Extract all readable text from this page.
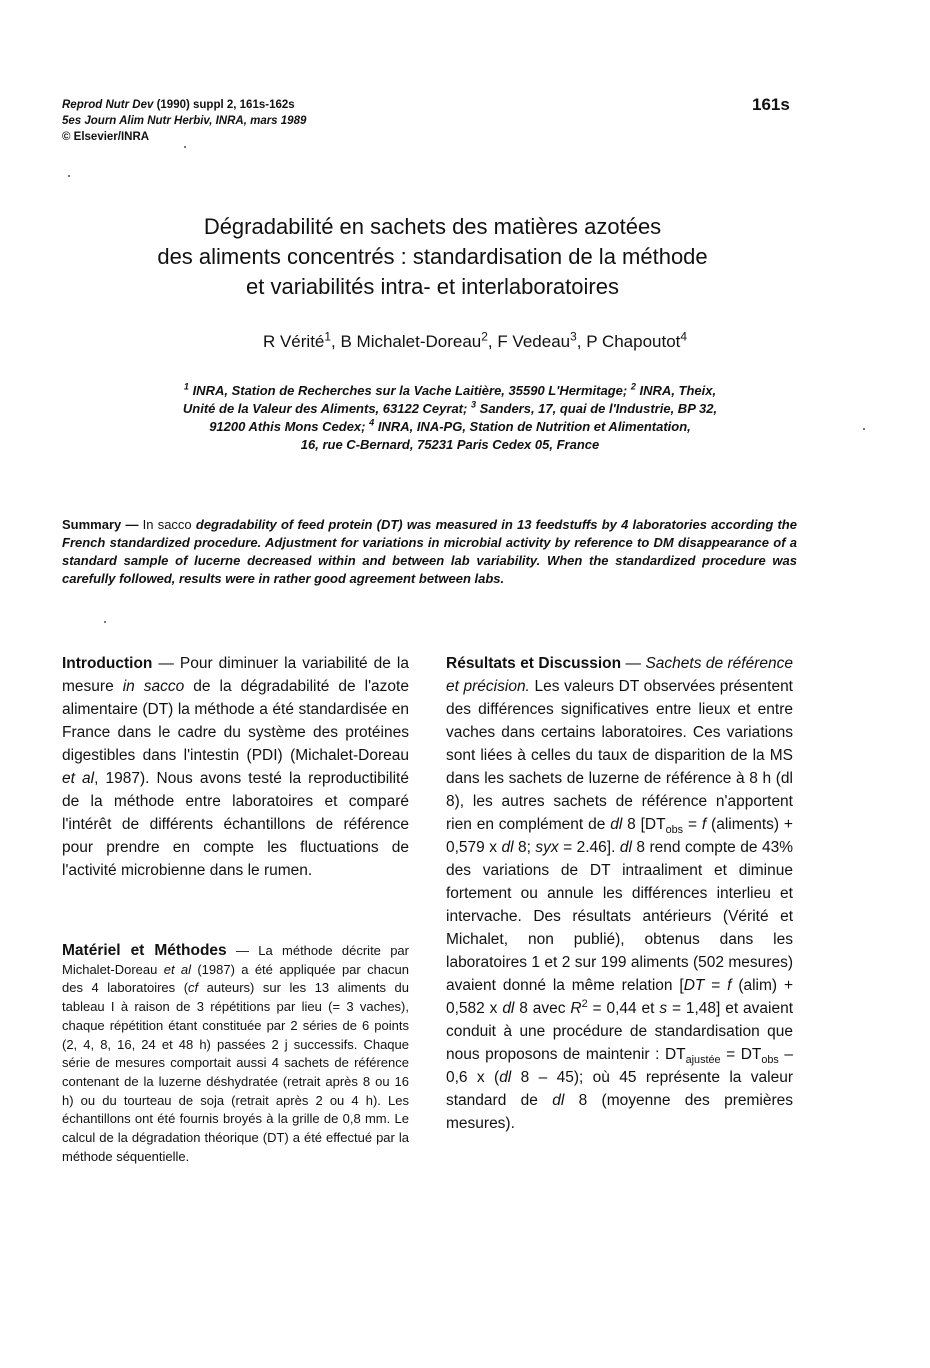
Reprod Nutr Dev (1990) suppl 2, 161s-162s
5es Journ Alim Nutr Herbiv, INRA, mars 1989
© Elsevier/INRA
161s
Dégradabilité en sachets des matières azotées
des aliments concentrés : standardisation de la méthode
et variabilités intra- et interlaboratoires
R Vérité$^1$, B Michalet-Doreau$^2$, F Vedeau$^3$, P Chapoutot$^4$
$^1$ INRA, Station de Recherches sur la Vache Laitière, 35590 L'Hermitage; $^2$ INRA, Theix,
Unité de la Valeur des Aliments, 63122 Ceyrat; $^3$ Sanders, 17, quai de l'Industrie, BP 32,
91200 Athis Mons Cedex; $^4$ INRA, INA-PG, Station de Nutrition et Alimentation,
16, rue C-Bernard, 75231 Paris Cedex 05, France
Summary — In sacco degradability of feed protein (DT) was measured in 13 feedstuffs by 4 laboratories according the French standardized procedure. Adjustment for variations in microbial activity by reference to DM disappearance of a standard sample of lucerne decreased within and between lab variability. When the standardized procedure was carefully followed, results were in rather good agreement between labs.
Introduction — Pour diminuer la variabilité de la mesure in sacco de la dégradabilité de l'azote alimentaire (DT) la méthode a été standardisée en France dans le cadre du système des protéines digestibles dans l'intestin (PDI) (Michalet-Doreau et al, 1987). Nous avons testé la reproductibilité de la méthode entre laboratoires et comparé l'intérêt de différents échantillons de référence pour prendre en compte les fluctuations de l'activité microbienne dans le rumen.
Matériel et Méthodes — La méthode décrite par Michalet-Doreau et al (1987) a été appliquée par chacun des 4 laboratoires (cf auteurs) sur les 13 aliments du tableau I à raison de 3 répétitions par lieu (= 3 vaches), chaque répétition étant constituée par 2 séries de 6 points (2, 4, 8, 16, 24 et 48 h) passées 2 j successifs. Chaque série de mesures comportait aussi 4 sachets de référence contenant de la luzerne déshydratée (retrait après 8 ou 16 h) ou du tourteau de soja (retrait après 2 ou 4 h). Les échantillons ont été fournis broyés à la grille de 0,8 mm. Le calcul de la dégradation théorique (DT) a été effectué par la méthode séquentielle.
Résultats et Discussion — Sachets de référence et précision. Les valeurs DT observées présentent des différences significatives entre lieux et entre vaches dans certains laboratoires. Ces variations sont liées à celles du taux de disparition de la MS dans les sachets de luzerne de référence à 8 h (dl 8), les autres sachets de référence n'apportent rien en complément de dl 8 [$DT_{obs} = f$ (aliments) + 0,579 x dl 8; syx = 2.46]. dl 8 rend compte de 43% des variations de DT intraaliment et diminue fortement ou annule les différences interlieu et intervache. Des résultats antérieurs (Vérité et Michalet, non publié), obtenus dans les laboratoires 1 et 2 sur 199 aliments (502 mesures) avaient donné la même relation [DT = f (alim) + 0,582 x dl 8 avec $R^2 = 0,44$ et s = 1,48] et avaient conduit à une procédure de standardisation que nous proposons de maintenir : $DT_{ajustée} = DT_{obs} - 0,6$ x (dl 8 – 45); où 45 représente la valeur standard de dl 8 (moyenne des premières mesures).
